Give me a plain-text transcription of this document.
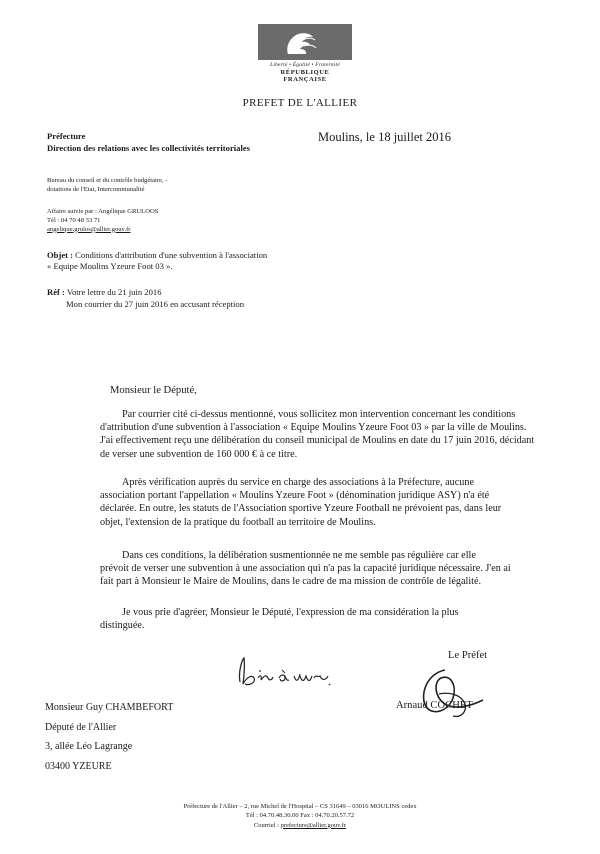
Liberté • Égalité • Fraternité
RÉPUBLIQUE FRANÇAISE
PREFET DE L'ALLIER
Préfecture
Direction des relations avec les collectivités territoriales
Moulins, le 18 juillet 2016
Bureau du conseil et du contrôle budgétaire, -
dotations de l'Etat, Intercommunalité
Affaire suivie par : Angélique GRULOOS
Tél : 04 70 48 33 71
angelique.grulos@allier.gouv.fr
Objet : Conditions d'attribution d'une subvention à l'association
« Equipe Moulins Yzeure Foot 03 ».
Réf : Votre lettre du 21 juin 2016
Mon courrier du 27 juin 2016 en accusant réception
Monsieur le Député,
Par courrier cité ci-dessus mentionné, vous sollicitez mon intervention concernant les conditions
d'attribution d'une subvention à l'association « Equipe Moulins Yzeure Foot 03 » par la ville de Moulins.
J'ai effectivement reçu une délibération du conseil municipal de Moulins en date du 17 juin 2016, décidant
de verser une subvention de 160 000 € à ce titre.
Après vérification auprès du service en charge des associations à la Préfecture, aucune
association portant l'appellation « Moulins Yzeure Foot » (dénomination juridique ASY) n'a été
déclarée. En outre, les statuts de l'Association sportive Yzeure Football ne prévoient pas, dans leur
objet, l'extension de la pratique du football au territoire de Moulins.
Dans ces conditions, la délibération susmentionnée ne me semble pas régulière car elle
prévoit de verser une subvention à une association qui n'a pas la capacité juridique nécessaire. J'en ai
fait part à Monsieur le Maire de Moulins, dans le cadre de ma mission de contrôle de légalité.
Je vous prie d'agréer, Monsieur le Député, l'expression de ma considération la plus
distinguée.
Le Préfet
Arnaud COCHET
Monsieur Guy CHAMBEFORT
Député de l'Allier
3, allée Léo Lagrange
03400 YZEURE
Préfecture de l'Allier – 2, rue Michel de l'Hospital – CS 31649 – 03016 MOULINS cedex
Tél : 04.70.48.30.00 Fax : 04.70.20.57.72
Courriel : prefecture@allier.gouv.fr
